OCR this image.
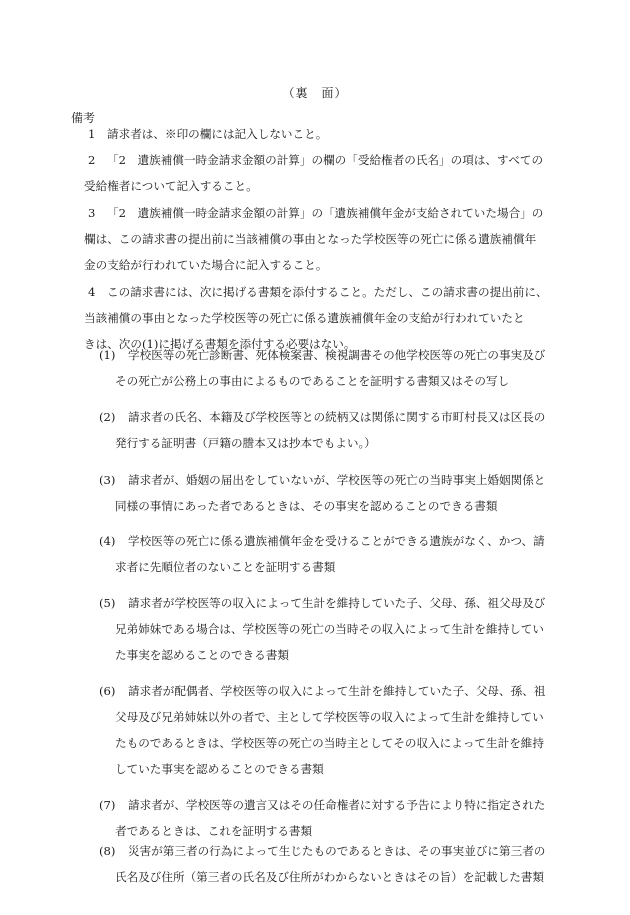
（裏　面）
備考
1 請求者は、※印の欄には記入しないこと。
2 「2　遺族補償一時金請求金額の計算」の欄の「受給権者の氏名」の項は、すべての
受給権者について記入すること。
3 「2　遺族補償一時金請求金額の計算」の「遺族補償年金が支給されていた場合」の
欄は、この請求書の提出前に当該補償の事由となった学校医等の死亡に係る遺族補償年
金の支給が行われていた場合に記入すること。
4 この請求書には、次に掲げる書類を添付すること。ただし、この請求書の提出前に、
当該補償の事由となった学校医等の死亡に係る遺族補償年金の支給が行われていたと
きは、次の(1)に掲げる書類を添付する必要はない。
(1) 学校医等の死亡診断書、死体検案書、検視調書その他学校医等の死亡の事実及び
その死亡が公務上の事由によるものであることを証明する書類又はその写し
(2) 請求者の氏名、本籍及び学校医等との続柄又は関係に関する市町村長又は区長の
発行する証明書（戸籍の謄本又は抄本でもよい。）
(3) 請求者が、婚姻の届出をしていないが、学校医等の死亡の当時事実上婚姻関係と
同様の事情にあった者であるときは、その事実を認めることのできる書類
(4) 学校医等の死亡に係る遺族補償年金を受けることができる遺族がなく、かつ、請
求者に先順位者のないことを証明する書類
(5) 請求者が学校医等の収入によって生計を維持していた子、父母、孫、祖父母及び
兄弟姉妹である場合は、学校医等の死亡の当時その収入によって生計を維持してい
た事実を認めることのできる書類
(6) 請求者が配偶者、学校医等の収入によって生計を維持していた子、父母、孫、祖
父母及び兄弟姉妹以外の者で、主として学校医等の収入によって生計を維持してい
たものであるときは、学校医等の死亡の当時主としてその収入によって生計を維持
していた事実を認めることのできる書類
(7) 請求者が、学校医等の遺言又はその任命権者に対する予告により特に指定された
者であるときは、これを証明する書類
(8) 災害が第三者の行為によって生じたものであるときは、その事実並びに第三者の
氏名及び住所（第三者の氏名及び住所がわからないときはその旨）を記載した書類
